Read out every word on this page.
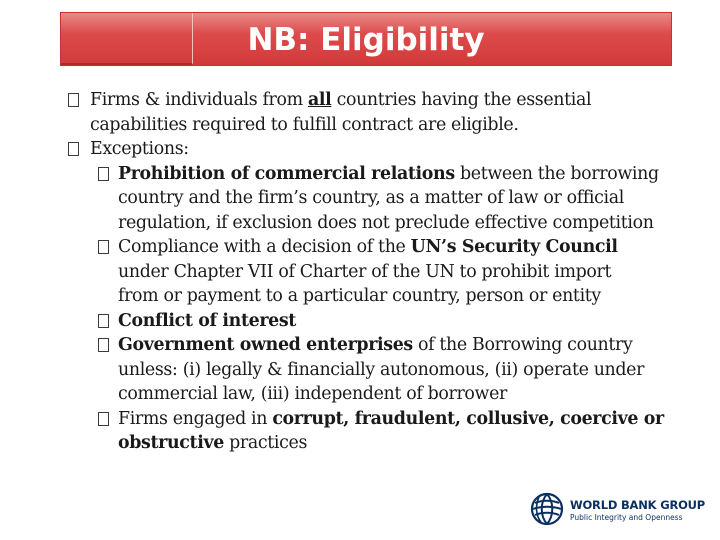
NB: Eligibility
Firms & individuals from all countries having the essential
capabilities required to fulfill contract are eligible.
Exceptions:
Prohibition of commercial relations between the borrowing
country and the firm’s country, as a matter of law or official
regulation, if exclusion does not preclude effective competition
Compliance with a decision of the UN’s Security Council
under Chapter VII of Charter of the UN to prohibit import
from or payment to a particular country, person or entity
Conflict of interest
Government owned enterprises of the Borrowing country
unless: (i) legally & financially autonomous, (ii) operate under
commercial law, (iii) independent of borrower
Firms engaged in corrupt, fraudulent, collusive, coercive or
obstructive practices
WORLD BANK GROUP
Public Integrity and Openness
